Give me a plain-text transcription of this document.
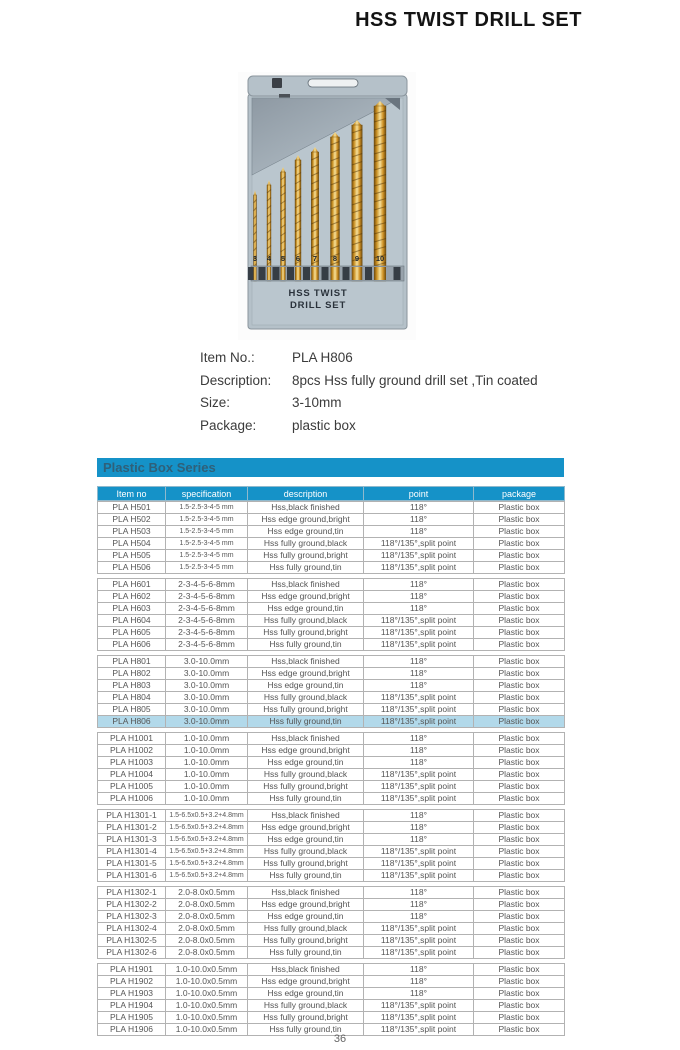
HSS TWIST DRILL SET
3 4 5 6 7 8 9 10
HSS TWIST
DRILL SET
Item No.:	PLA H806
Description:	8pcs Hss fully ground drill set ,Tin coated
Size:	3-10mm
Package:	plastic box
Plastic Box Series
Item no	specification	description	point	package
PLA H501	1.5-2.5-3-4-5 mm	Hss,black finished	118°	Plastic box
PLA H502	1.5-2.5-3-4-5 mm	Hss edge ground,bright	118°	Plastic box
PLA H503	1.5-2.5-3-4-5 mm	Hss edge ground,tin	118°	Plastic box
PLA H504	1.5-2.5-3-4-5 mm	Hss fully ground,black	118°/135°,split point	Plastic box
PLA H505	1.5-2.5-3-4-5 mm	Hss fully ground,bright	118°/135°,split point	Plastic box
PLA H506	1.5-2.5-3-4-5 mm	Hss fully ground,tin	118°/135°,split point	Plastic box
PLA H601	2-3-4-5-6-8mm	Hss,black finished	118°	Plastic box
PLA H602	2-3-4-5-6-8mm	Hss edge ground,bright	118°	Plastic box
PLA H603	2-3-4-5-6-8mm	Hss edge ground,tin	118°	Plastic box
PLA H604	2-3-4-5-6-8mm	Hss fully ground,black	118°/135°,split point	Plastic box
PLA H605	2-3-4-5-6-8mm	Hss fully ground,bright	118°/135°,split point	Plastic box
PLA H606	2-3-4-5-6-8mm	Hss fully ground,tin	118°/135°,split point	Plastic box
PLA H801	3.0-10.0mm	Hss,black finished	118°	Plastic box
PLA H802	3.0-10.0mm	Hss edge ground,bright	118°	Plastic box
PLA H803	3.0-10.0mm	Hss edge ground,tin	118°	Plastic box
PLA H804	3.0-10.0mm	Hss fully ground,black	118°/135°,split point	Plastic box
PLA H805	3.0-10.0mm	Hss fully ground,bright	118°/135°,split point	Plastic box
PLA H806	3.0-10.0mm	Hss fully ground,tin	118°/135°,split point	Plastic box
PLA H1001	1.0-10.0mm	Hss,black finished	118°	Plastic box
PLA H1002	1.0-10.0mm	Hss edge ground,bright	118°	Plastic box
PLA H1003	1.0-10.0mm	Hss edge ground,tin	118°	Plastic box
PLA H1004	1.0-10.0mm	Hss fully ground,black	118°/135°,split point	Plastic box
PLA H1005	1.0-10.0mm	Hss fully ground,bright	118°/135°,split point	Plastic box
PLA H1006	1.0-10.0mm	Hss fully ground,tin	118°/135°,split point	Plastic box
PLA H1301-1	1.5-6.5x0.5+3.2+4.8mm	Hss,black finished	118°	Plastic box
PLA H1301-2	1.5-6.5x0.5+3.2+4.8mm	Hss edge ground,bright	118°	Plastic box
PLA H1301-3	1.5-6.5x0.5+3.2+4.8mm	Hss edge ground,tin	118°	Plastic box
PLA H1301-4	1.5-6.5x0.5+3.2+4.8mm	Hss fully ground,black	118°/135°,split point	Plastic box
PLA H1301-5	1.5-6.5x0.5+3.2+4.8mm	Hss fully ground,bright	118°/135°,split point	Plastic box
PLA H1301-6	1.5-6.5x0.5+3.2+4.8mm	Hss fully ground,tin	118°/135°,split point	Plastic box
PLA H1302-1	2.0-8.0x0.5mm	Hss,black finished	118°	Plastic box
PLA H1302-2	2.0-8.0x0.5mm	Hss edge ground,bright	118°	Plastic box
PLA H1302-3	2.0-8.0x0.5mm	Hss edge ground,tin	118°	Plastic box
PLA H1302-4	2.0-8.0x0.5mm	Hss fully ground,black	118°/135°,split point	Plastic box
PLA H1302-5	2.0-8.0x0.5mm	Hss fully ground,bright	118°/135°,split point	Plastic box
PLA H1302-6	2.0-8.0x0.5mm	Hss fully ground,tin	118°/135°,split point	Plastic box
PLA H1901	1.0-10.0x0.5mm	Hss,black finished	118°	Plastic box
PLA H1902	1.0-10.0x0.5mm	Hss edge ground,bright	118°	Plastic box
PLA H1903	1.0-10.0x0.5mm	Hss edge ground,tin	118°	Plastic box
PLA H1904	1.0-10.0x0.5mm	Hss fully ground,black	118°/135°,split point	Plastic box
PLA H1905	1.0-10.0x0.5mm	Hss fully ground,bright	118°/135°,split point	Plastic box
PLA H1906	1.0-10.0x0.5mm	Hss fully ground,tin	118°/135°,split point	Plastic box
36
